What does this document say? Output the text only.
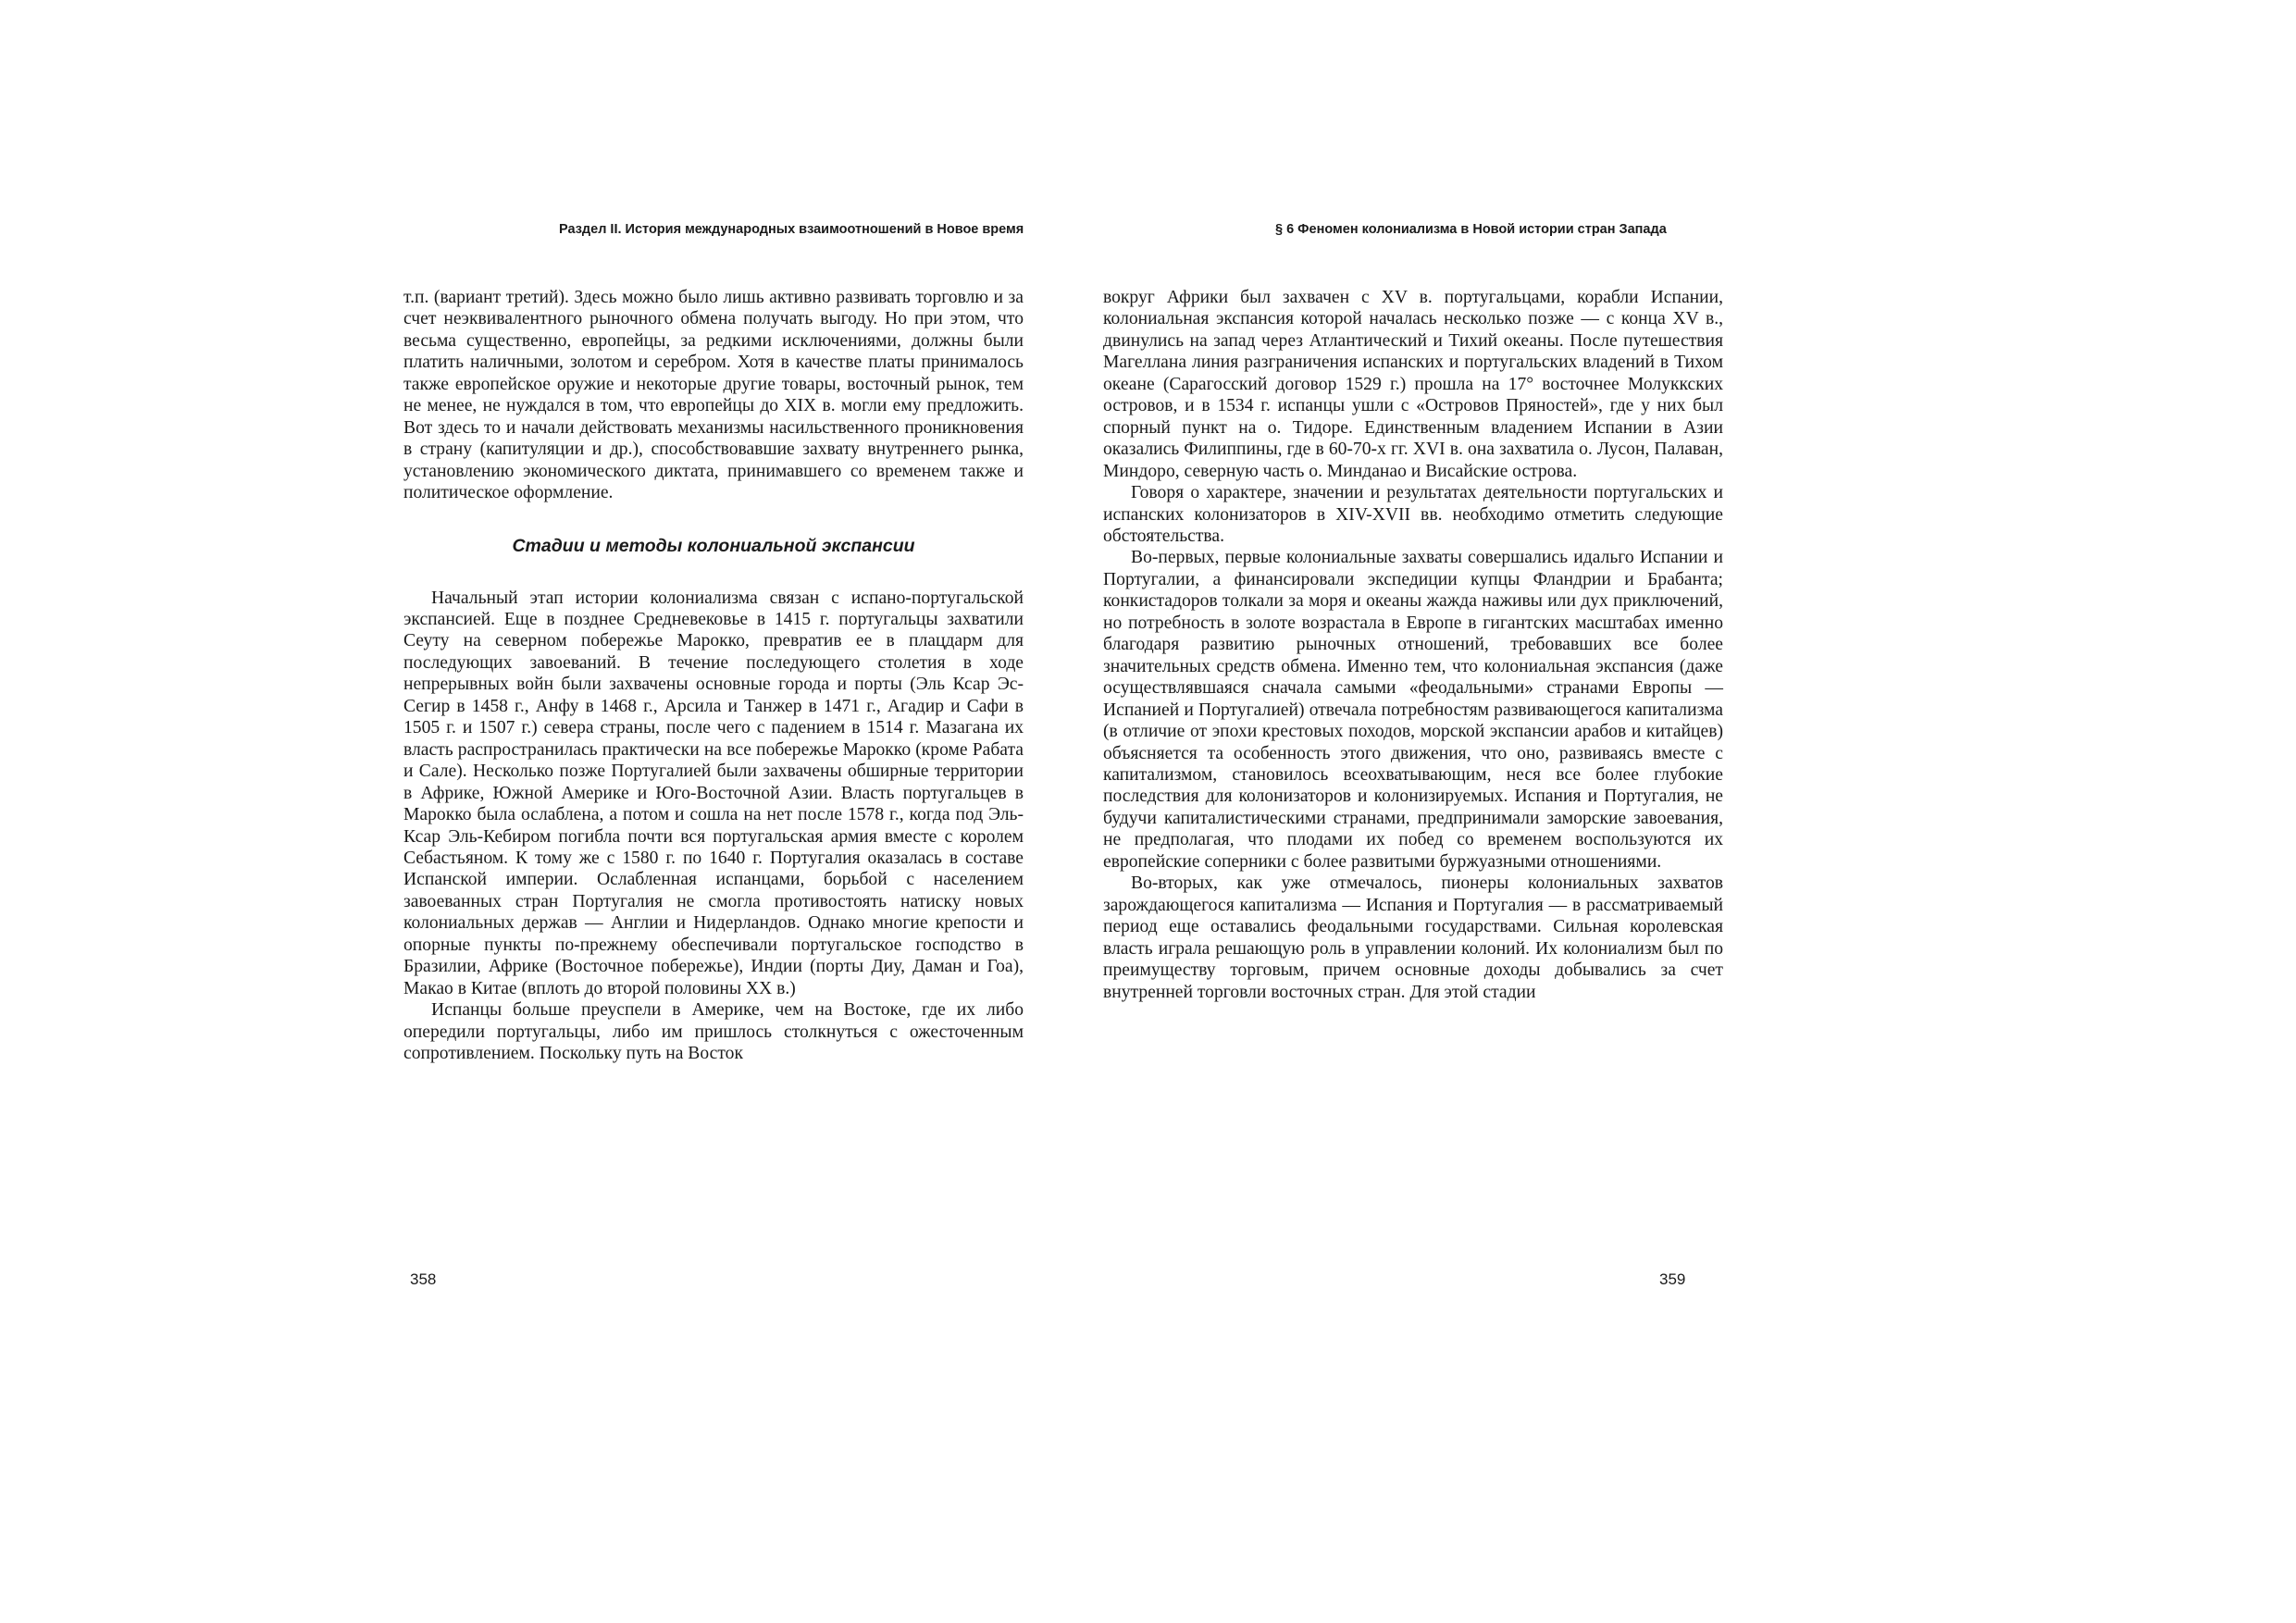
Раздел II. История международных взаимоотношений в Новое время

т.п. (вариант третий). Здесь можно было лишь активно развивать торговлю и за счет неэквивалентного рыночного обмена получать выгоду. Но при этом, что весьма существенно, европейцы, за редкими исключениями, должны были платить наличными, золотом и серебром. Хотя в качестве платы принималось также европейское оружие и некоторые другие товары, восточный рынок, тем не менее, не нуждался в том, что европейцы до XIX в. могли ему предложить. Вот здесь то и начали действовать механизмы насильственного проникновения в страну (капитуляции и др.), способствовавшие захвату внутреннего рынка, установлению экономического диктата, принимавшего со временем также и политическое оформление.

Стадии и методы колониальной экспансии

Начальный этап истории колониализма связан с испано-португальской экспансией. Еще в позднее Средневековье в 1415 г. португальцы захватили Сеуту на северном побережье Марокко, превратив ее в плацдарм для последующих завоеваний. В течение последующего столетия в ходе непрерывных войн были захвачены основные города и порты (Эль Ксар Эс-Сегир в 1458 г., Анфу в 1468 г., Арсила и Танжер в 1471 г., Агадир и Сафи в 1505 г. и 1507 г.) севера страны, после чего с падением в 1514 г. Мазагана их власть распространилась практически на все побережье Марокко (кроме Рабата и Сале). Несколько позже Португалией были захвачены обширные территории в Африке, Южной Америке и Юго-Восточной Азии. Власть португальцев в Марокко была ослаблена, а потом и сошла на нет после 1578 г., когда под Эль-Ксар Эль-Кебиром погибла почти вся португальская армия вместе с королем Себастьяном. К тому же с 1580 г. по 1640 г. Португалия оказалась в составе Испанской империи. Ослабленная испанцами, борьбой с населением завоеванных стран Португалия не смогла противостоять натиску новых колониальных держав — Англии и Нидерландов. Однако многие крепости и опорные пункты по-прежнему обеспечивали португальское господство в Бразилии, Африке (Восточное побережье), Индии (порты Диу, Даман и Гоа), Макао в Китае (вплоть до второй половины XX в.)

Испанцы больше преуспели в Америке, чем на Востоке, где их либо опередили португальцы, либо им пришлось столкнуться с ожесточенным сопротивлением. Поскольку путь на Восток

358
§ 6 Феномен колониализма в Новой истории стран Запада

вокруг Африки был захвачен с XV в. португальцами, корабли Испании, колониальная экспансия которой началась несколько позже — с конца XV в., двинулись на запад через Атлантический и Тихий океаны. После путешествия Магеллана линия разграничения испанских и португальских владений в Тихом океане (Сарагосский договор 1529 г.) прошла на 17° восточнее Молуккских островов, и в 1534 г. испанцы ушли с «Островов Пряностей», где у них был спорный пункт на о. Тидоре. Единственным владением Испании в Азии оказались Филиппины, где в 60-70-х гг. XVI в. она захватила о. Лусон, Палаван, Миндоро, северную часть о. Минданао и Висайские острова.

Говоря о характере, значении и результатах деятельности португальских и испанских колонизаторов в XIV-XVII вв. необходимо отметить следующие обстоятельства.

Во-первых, первые колониальные захваты совершались идальго Испании и Португалии, а финансировали экспедиции купцы Фландрии и Брабанта; конкистадоров толкали за моря и океаны жажда наживы или дух приключений, но потребность в золоте возрастала в Европе в гигантских масштабах именно благодаря развитию рыночных отношений, требовавших все более значительных средств обмена. Именно тем, что колониальная экспансия (даже осуществлявшаяся сначала самыми «феодальными» странами Европы — Испанией и Португалией) отвечала потребностям развивающегося капитализма (в отличие от эпохи крестовых походов, морской экспансии арабов и китайцев) объясняется та особенность этого движения, что оно, развиваясь вместе с капитализмом, становилось всеохватывающим, неся все более глубокие последствия для колонизаторов и колонизируемых. Испания и Португалия, не будучи капиталистическими странами, предпринимали заморские завоевания, не предполагая, что плодами их побед со временем воспользуются их европейские соперники с более развитыми буржуазными отношениями.

Во-вторых, как уже отмечалось, пионеры колониальных захватов зарождающегося капитализма — Испания и Португалия — в рассматриваемый период еще оставались феодальными государствами. Сильная королевская власть играла решающую роль в управлении колоний. Их колониализм был по преимуществу торговым, причем основные доходы добывались за счет внутренней торговли восточных стран. Для этой стадии

359
